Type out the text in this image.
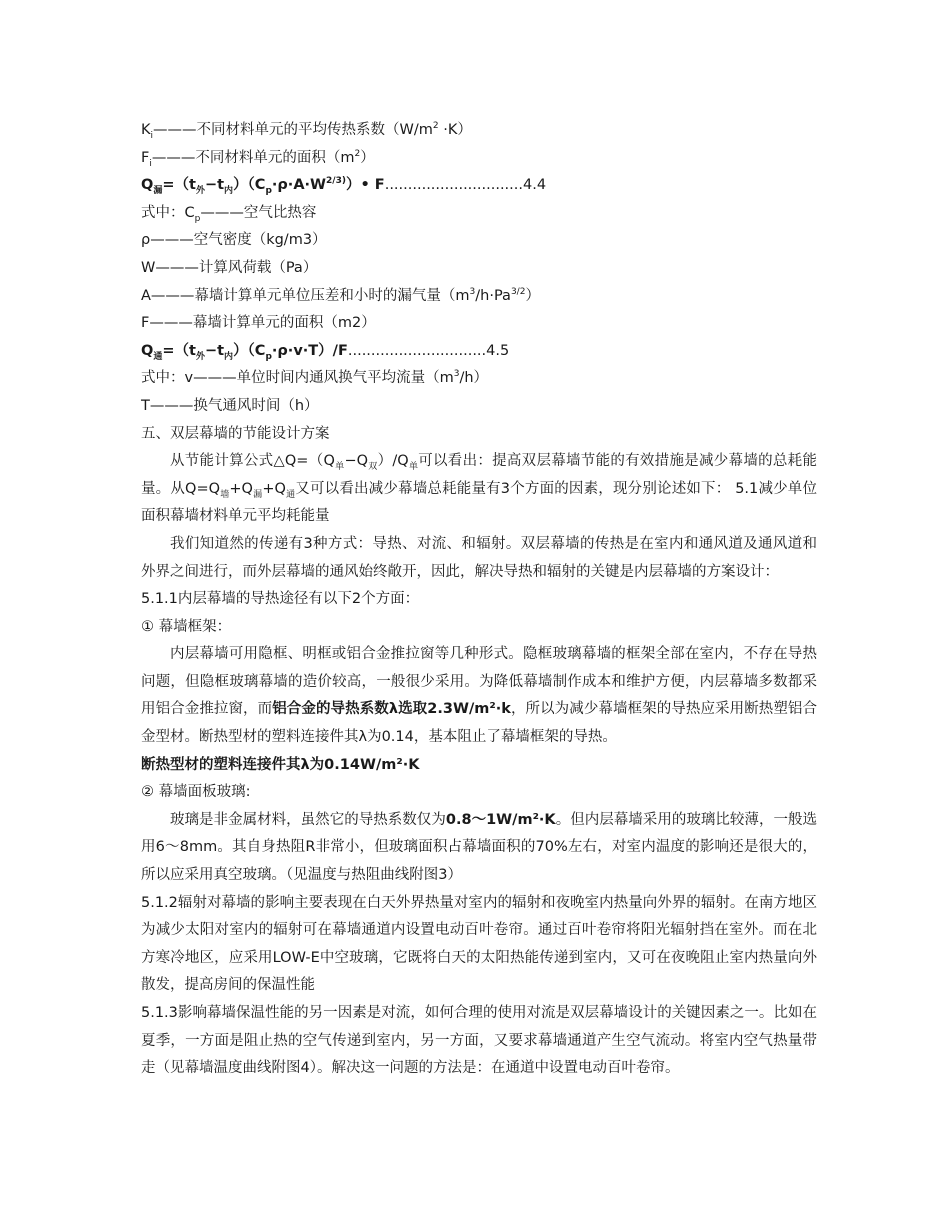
$K_i———$不同材料单元的平均传热系数$(W/m^2 \cdot K)$
$F_i———$不同材料单元的面积$(m^2)$
$Q_漏=(t_外-t_内)(C_p\cdot\rho\cdot A\cdot W^{2/3)})•$ F..............................4.4
式中：$C_p———$空气比热容
ρ———空气密度（kg/m3）
W———计算风荷载（Pa）
A———幕墙计算单元单位压差和小时的漏气量$(m^3/h\cdot Pa^{3/2})$
F———幕墙计算单元的面积（m2）
$Q_通=(t_外-t_内)(C_p\cdot\rho\cdot v\cdot T)/F..............................4.5$
式中：v———单位时间内通风换气平均流量$(m^3/h)$
T———换气通风时间（h）
五、双层幕墙的节能设计方案
从节能计算公式$\triangle Q=(Q_单-Q_双)/Q_单$可以看出：提高双层幕墙节能的有效措施是减少幕墙的总耗能量。从$Q=Q_墙+Q_漏+Q_通$又可以看出减少幕墙总耗能量有3个方面的因素，现分别论述如下： 5.1减少单位面积幕墙材料单元平均耗能量
我们知道然的传递有3种方式：导热、对流、和辐射。双层幕墙的传热是在室内和通风道及通风道和外界之间进行，而外层幕墙的通风始终敞开，因此，解决导热和辐射的关键是内层幕墙的方案设计：
5.1.1内层幕墙的导热途径有以下2个方面：
① 幕墙框架：
内层幕墙可用隐框、明框或铝合金推拉窗等几种形式。隐框玻璃幕墙的框架全部在室内，不存在导热问题，但隐框玻璃幕墙的造价较高，一般很少采用。为降低幕墙制作成本和维护方便，内层幕墙多数都采用铝合金推拉窗，而铝合金的导热系数λ选取2.3W/m²·k，所以为减少幕墙框架的导热应采用断热塑铝合金型材。断热型材的塑料连接件其λ为0.14，基本阻止了幕墙框架的导热。
断热型材的塑料连接件其λ为0.14W/m²·K
② 幕墙面板玻璃:
玻璃是非金属材料，虽然它的导热系数仅为0.8～1W/m²·K。但内层幕墙采用的玻璃比较薄，一般选用6～8mm。其自身热阻R非常小，但玻璃面积占幕墙面积的70%左右，对室内温度的影响还是很大的，所以应采用真空玻璃。（见温度与热阻曲线附图3）
5.1.2辐射对幕墙的影响主要表现在白天外界热量对室内的辐射和夜晚室内热量向外界的辐射。在南方地区为减少太阳对室内的辐射可在幕墙通道内设置电动百叶卷帘。通过百叶卷帘将阳光辐射挡在室外。而在北方寒冷地区，应采用LOW-E中空玻璃，它既将白天的太阳热能传递到室内，又可在夜晚阻止室内热量向外散发，提高房间的保温性能
5.1.3影响幕墙保温性能的另一因素是对流，如何合理的使用对流是双层幕墙设计的关键因素之一。比如在夏季，一方面是阻止热的空气传递到室内，另一方面，又要求幕墙通道产生空气流动。将室内空气热量带走（见幕墙温度曲线附图4）。解决这一问题的方法是：在通道中设置电动百叶卷帘。
